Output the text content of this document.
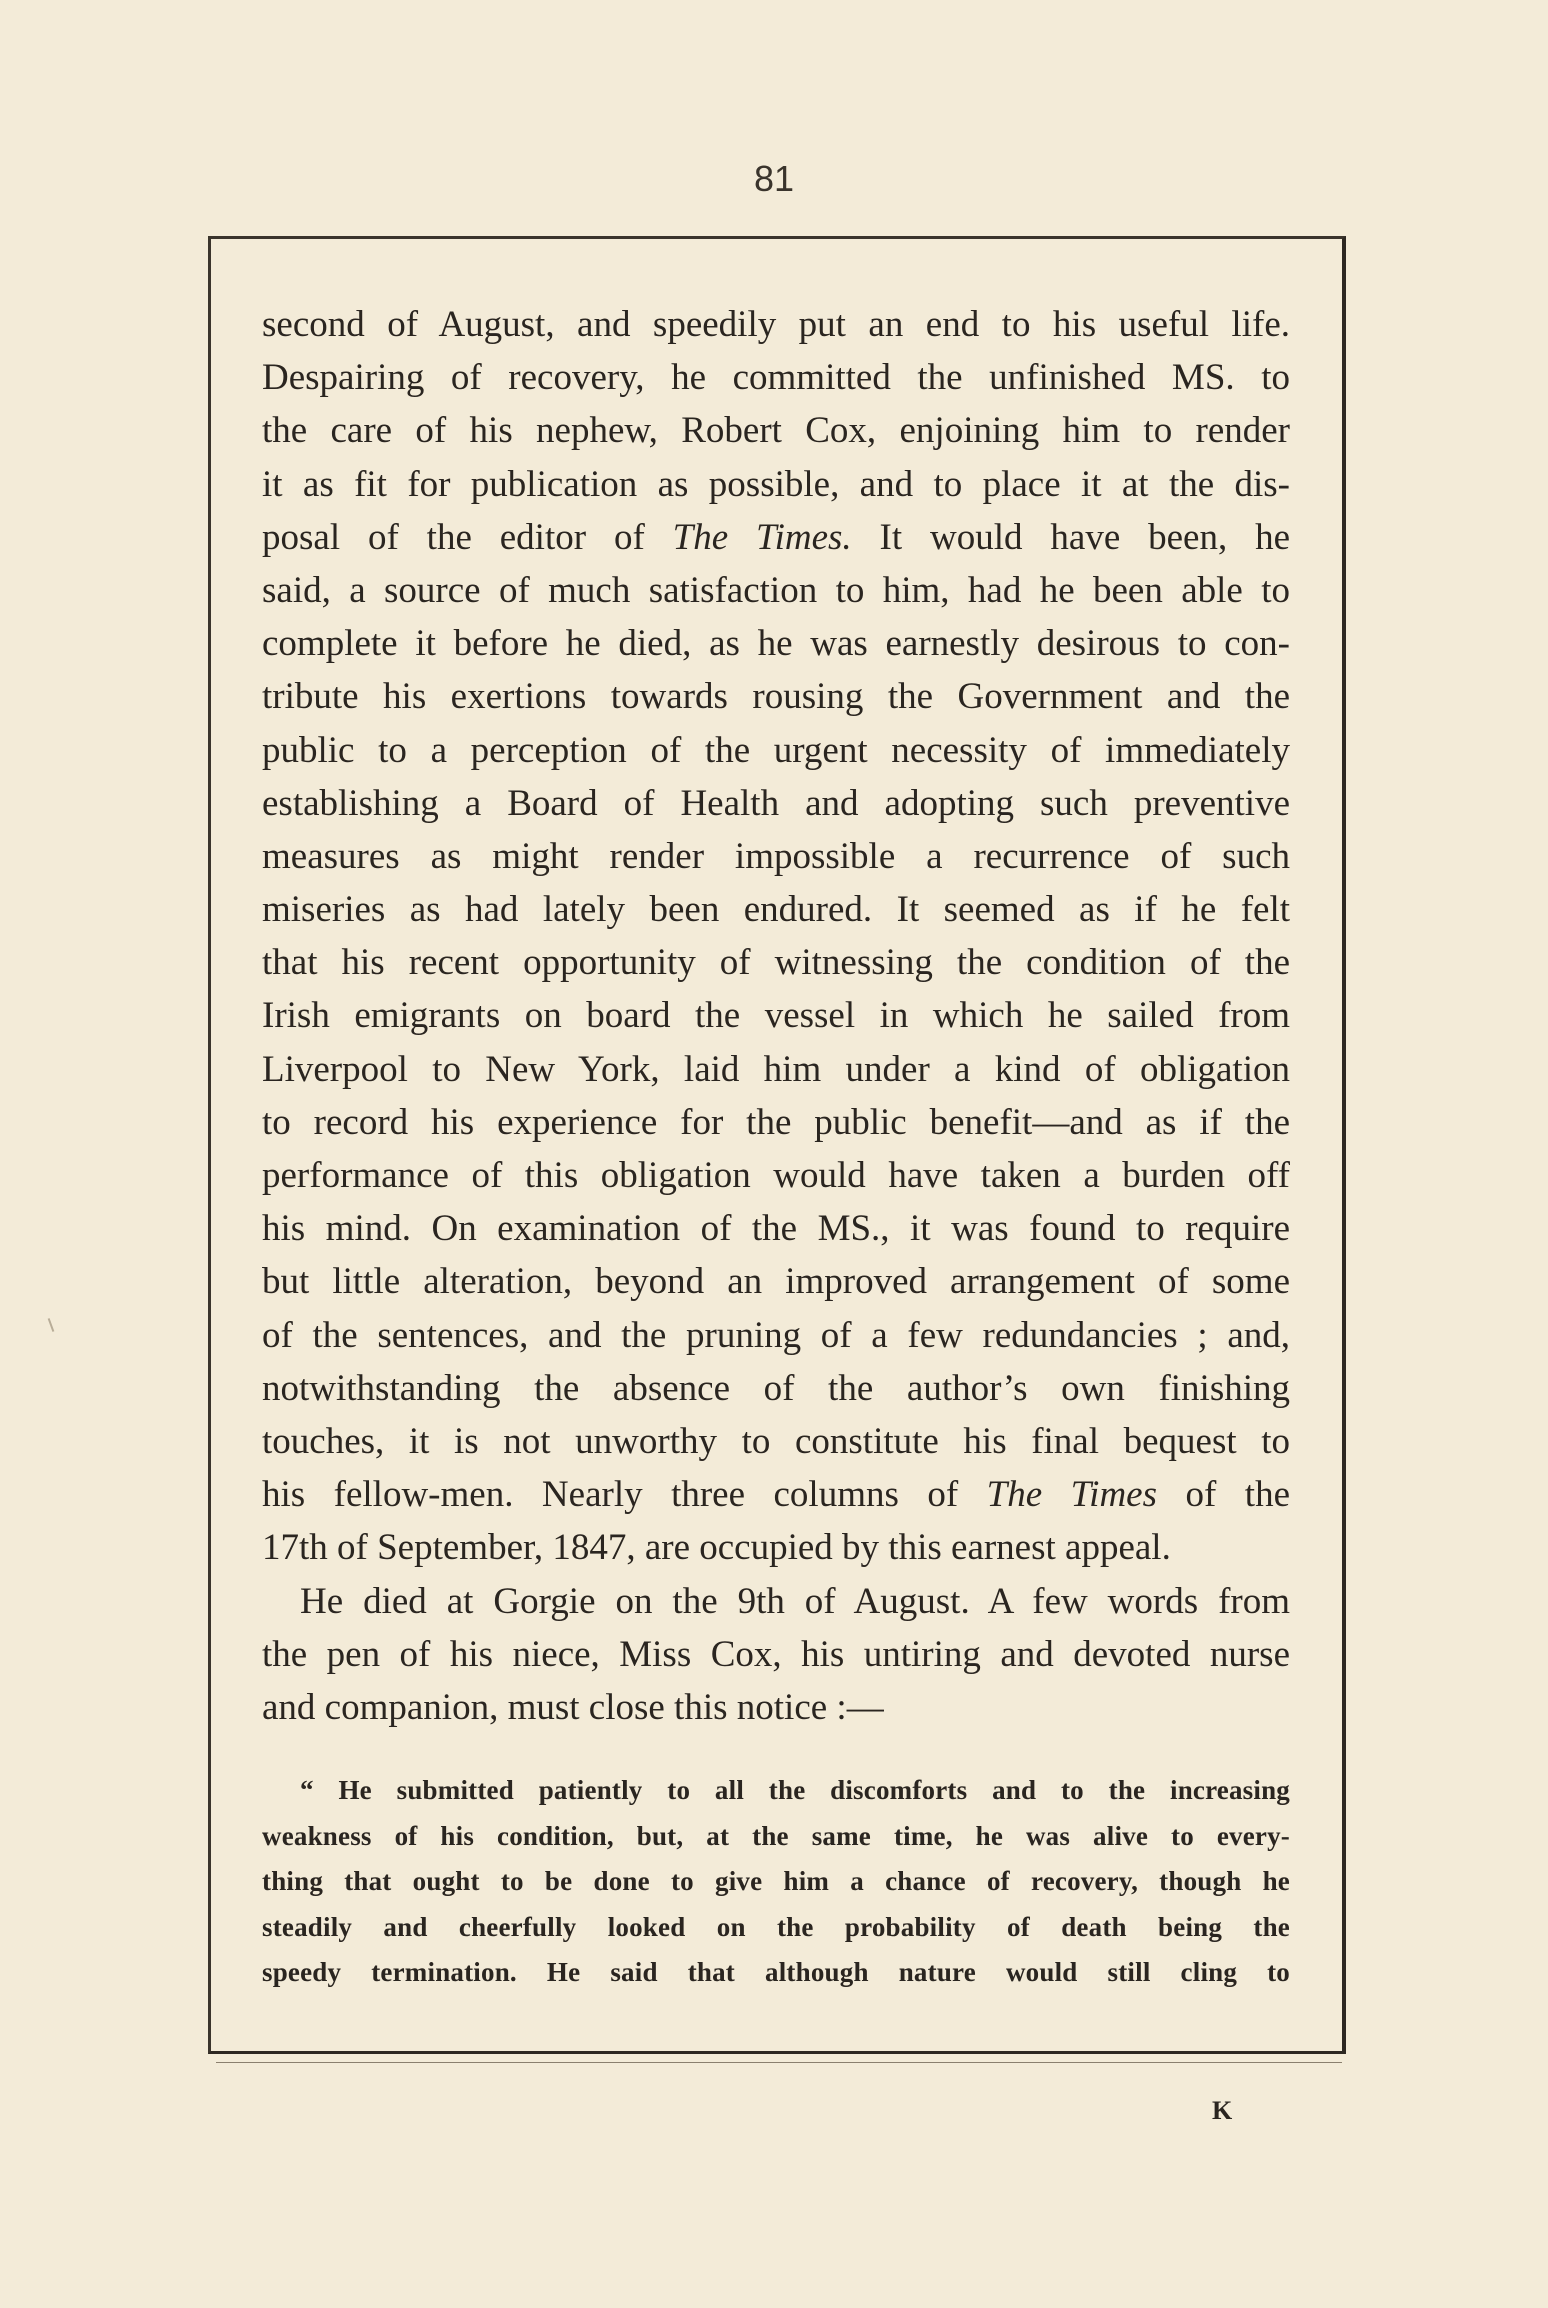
81
second of August, and speedily put an end to his useful life.
Despairing of recovery, he committed the unfinished MS. to
the care of his nephew, Robert Cox, enjoining him to render
it as fit for publication as possible, and to place it at the dis-
posal of the editor of The Times. It would have been, he
said, a source of much satisfaction to him, had he been able to
complete it before he died, as he was earnestly desirous to con-
tribute his exertions towards rousing the Government and the
public to a perception of the urgent necessity of immediately
establishing a Board of Health and adopting such preventive
measures as might render impossible a recurrence of such
miseries as had lately been endured. It seemed as if he felt
that his recent opportunity of witnessing the condition of the
Irish emigrants on board the vessel in which he sailed from
Liverpool to New York, laid him under a kind of obligation
to record his experience for the public benefit—and as if the
performance of this obligation would have taken a burden off
his mind. On examination of the MS., it was found to require
but little alteration, beyond an improved arrangement of some
of the sentences, and the pruning of a few redundancies ; and,
notwithstanding the absence of the author’s own finishing
touches, it is not unworthy to constitute his final bequest to
his fellow-men. Nearly three columns of The Times of the
17th of September, 1847, are occupied by this earnest appeal.
He died at Gorgie on the 9th of August. A few words from
the pen of his niece, Miss Cox, his untiring and devoted nurse
and companion, must close this notice :—
“ He submitted patiently to all the discomforts and to the increasing
weakness of his condition, but, at the same time, he was alive to every-
thing that ought to be done to give him a chance of recovery, though he
steadily and cheerfully looked on the probability of death being the
speedy termination. He said that although nature would still cling to
K
